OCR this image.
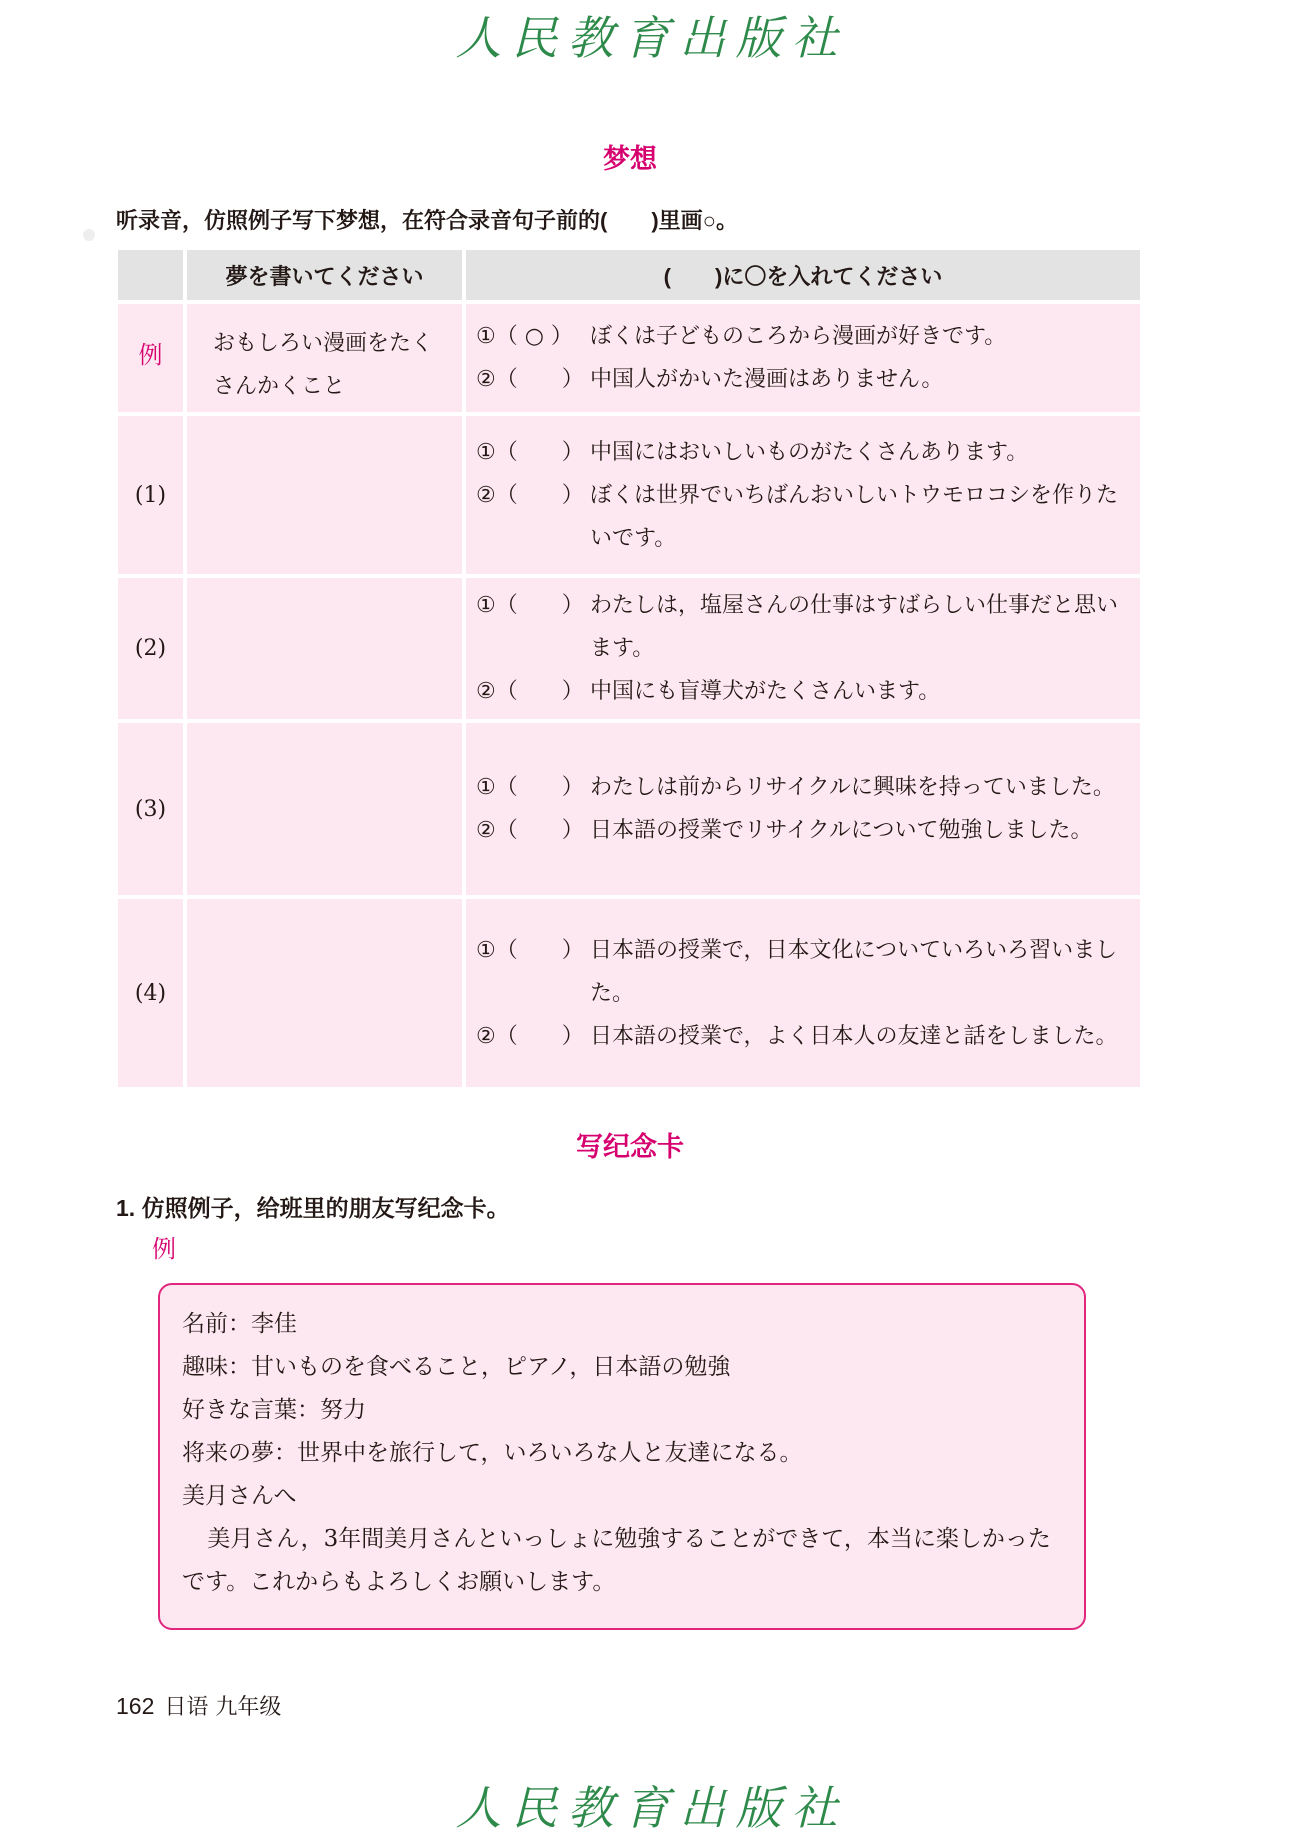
人民教育出版社
梦想
听录音，仿照例子写下梦想，在符合录音句子前的(　　)里画○。
	夢を書いてください	(　　)に〇を入れてください
例	おもしろい漫画をたくさんかくこと	①（ ○ ） ぼくは子どものころから漫画が好きです。
②（　　） 中国人がかいた漫画はありません。

(1)		①（　　） 中国にはおいしいものがたくさんあります。
②（　　） ぼくは世界でいちばんおいしいトウモロコシを作りたいです。

(2)		①（　　） わたしは，塩屋さんの仕事はすばらしい仕事だと思います。
②（　　） 中国にも盲導犬がたくさんいます。

(3)		①（　　） わたしは前からリサイクルに興味を持っていました。
②（　　） 日本語の授業でリサイクルについて勉強しました。

(4)		①（　　） 日本語の授業で，日本文化についていろいろ習いました。
②（　　） 日本語の授業で，よく日本人の友達と話をしました。
写纪念卡
1. 仿照例子，给班里的朋友写纪念卡。
例

名前：李佳

趣味：甘いものを食べること，ピアノ，日本語の勉強

好きな言葉：努力

将来の夢：世界中を旅行して，いろいろな人と友達になる。

美月さんへ

美月さん，3年間美月さんといっしょに勉強することができて，本当に楽しかったです。これからもよろしくお願いします。

162 日语 九年级
人民教育出版社
